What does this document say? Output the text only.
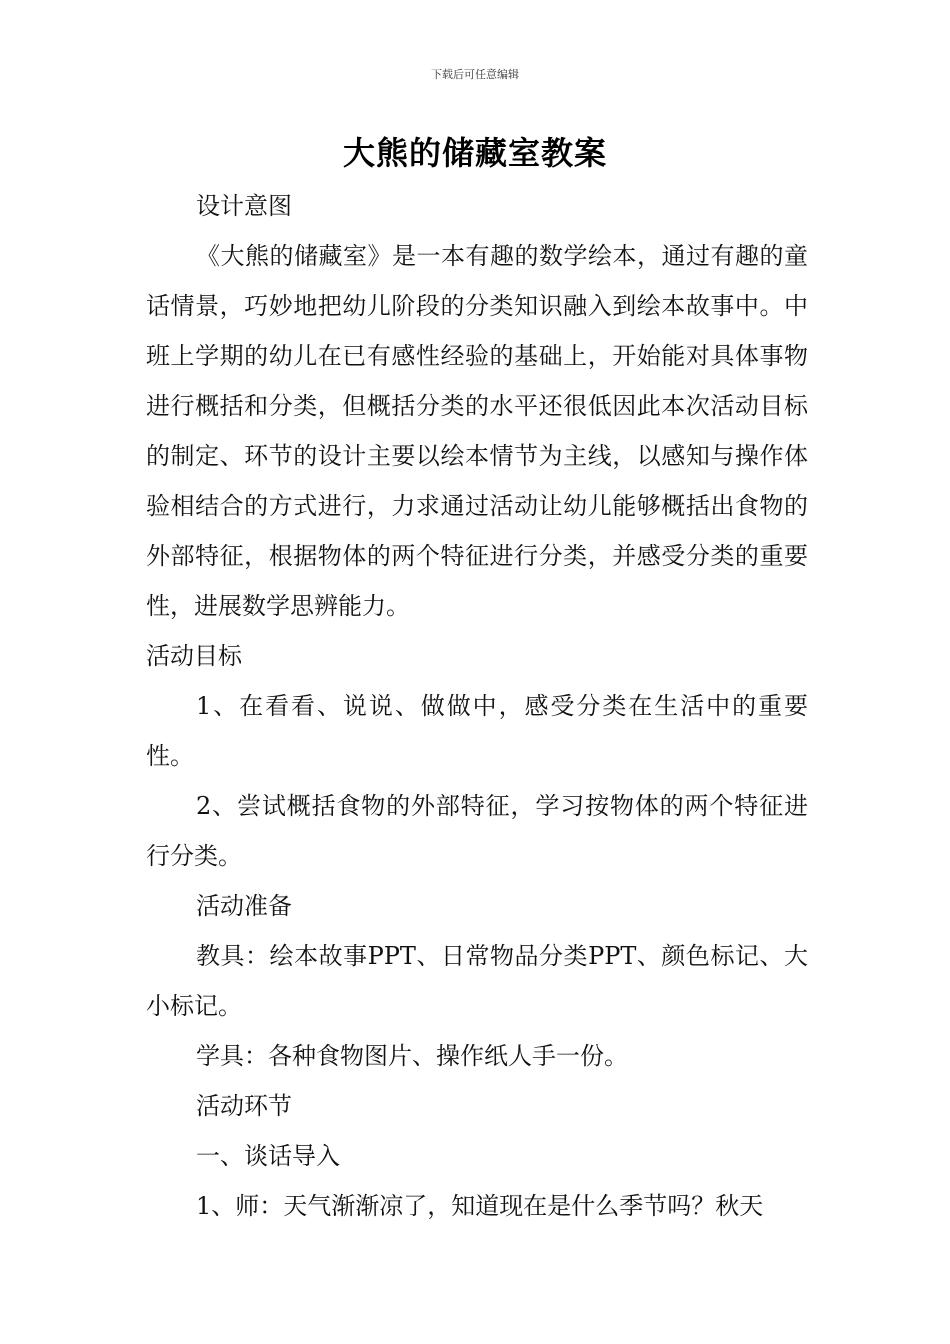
下载后可任意编辑
大熊的储藏室教案

设计意图

《大熊的储藏室》是一本有趣的数学绘本，通过有趣的童话情景，巧妙地把幼儿阶段的分类知识融入到绘本故事中。中班上学期的幼儿在已有感性经验的基础上，开始能对具体事物进行概括和分类，但概括分类的水平还很低因此本次活动目标的制定、环节的设计主要以绘本情节为主线，以感知与操作体验相结合的方式进行，力求通过活动让幼儿能够概括出食物的外部特征，根据物体的两个特征进行分类，并感受分类的重要性，进展数学思辨能力。

活动目标

1、在看看、说说、做做中，感受分类在生活中的重要性。

2、尝试概括食物的外部特征，学习按物体的两个特征进行分类。

活动准备

教具：绘本故事PPT、日常物品分类PPT、颜色标记、大小标记。

学具：各种食物图片、操作纸人手一份。

活动环节

一、谈话导入

1、师：天气渐渐凉了，知道现在是什么季节吗？秋天
